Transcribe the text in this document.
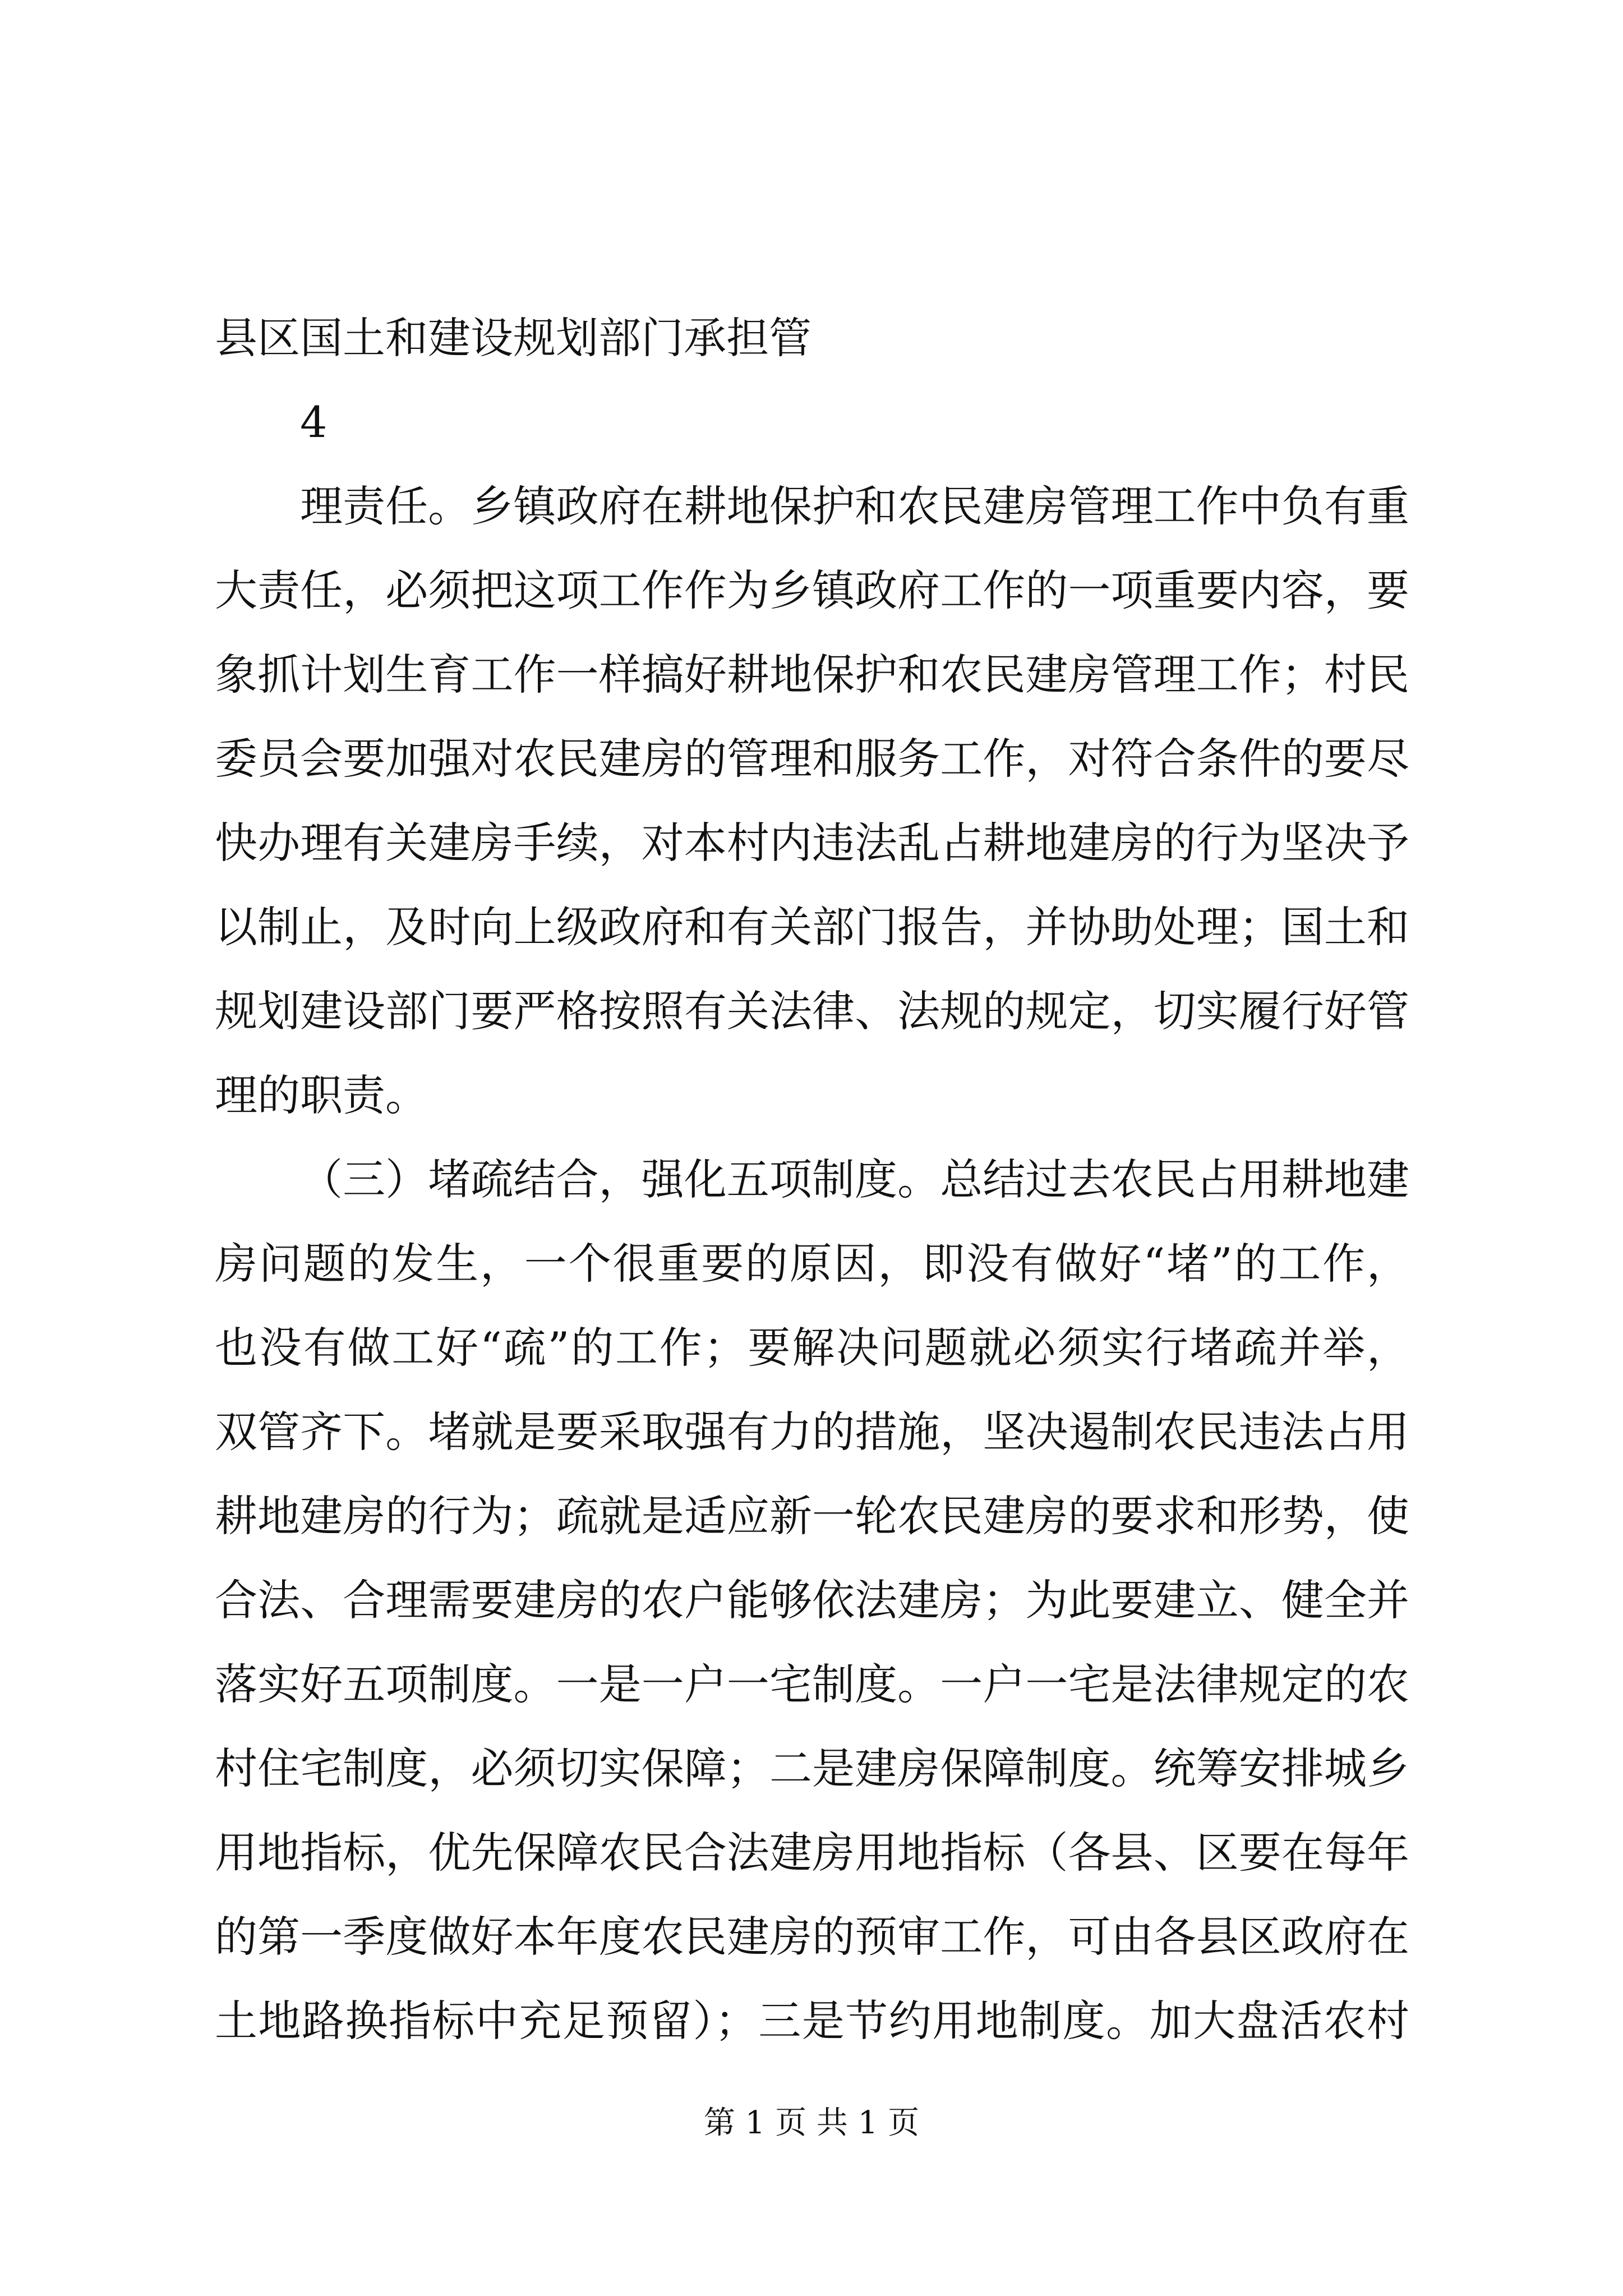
县区国土和建设规划部门承担管
4
理责任。乡镇政府在耕地保护和农民建房管理工作中负有重
大责任，必须把这项工作作为乡镇政府工作的一项重要内容，要
象抓计划生育工作一样搞好耕地保护和农民建房管理工作；村民
委员会要加强对农民建房的管理和服务工作，对符合条件的要尽
快办理有关建房手续，对本村内违法乱占耕地建房的行为坚决予
以制止，及时向上级政府和有关部门报告，并协助处理；国土和
规划建设部门要严格按照有关法律、法规的规定，切实履行好管
理的职责。
（三）堵疏结合，强化五项制度。总结过去农民占用耕地建
房问题的发生，一个很重要的原因，即没有做好“堵”的工作，
也没有做工好“疏”的工作；要解决问题就必须实行堵疏并举，
双管齐下。堵就是要采取强有力的措施，坚决遏制农民违法占用
耕地建房的行为；疏就是适应新一轮农民建房的要求和形势，使
合法、合理需要建房的农户能够依法建房；为此要建立、健全并
落实好五项制度。一是一户一宅制度。一户一宅是法律规定的农
村住宅制度，必须切实保障；二是建房保障制度。统筹安排城乡
用地指标，优先保障农民合法建房用地指标（各县、区要在每年
的第一季度做好本年度农民建房的预审工作，可由各县区政府在
土地路换指标中充足预留）；三是节约用地制度。加大盘活农村
第 1 页 共 1 页
